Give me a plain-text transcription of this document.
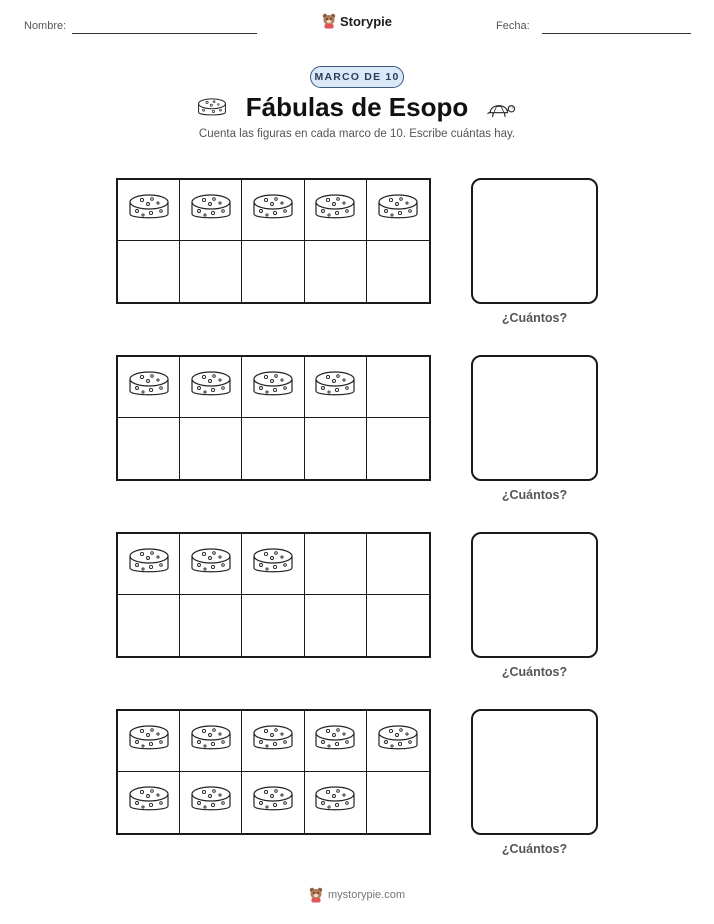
Nombre:	Storypie	Fecha:
MARCO DE 10
Fábulas de Esopo
Cuenta las figuras en cada marco de 10. Escribe cuántas hay.
¿Cuántos?
¿Cuántos?
¿Cuántos?
¿Cuántos?
mystorypie.com
